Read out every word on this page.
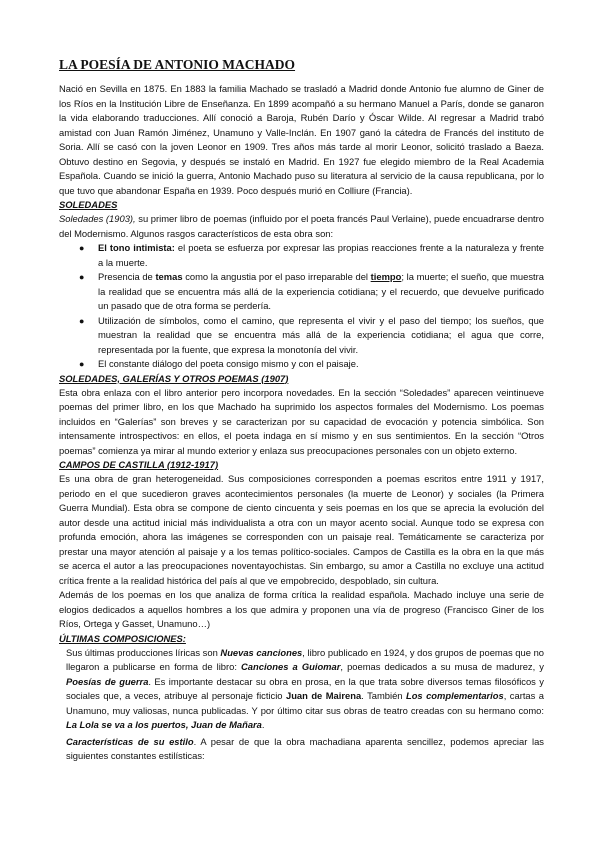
LA POESÍA DE ANTONIO MACHADO

Nació en Sevilla en 1875. En 1883 la familia Machado se trasladó a Madrid donde Antonio fue alumno de Giner de los Ríos en la Institución Libre de Enseñanza. En 1899 acompañó a su hermano Manuel a París, donde se ganaron la vida elaborando traducciones. Allí conoció a Baroja, Rubén Darío y Óscar Wilde. Al regresar a Madrid trabó amistad con Juan Ramón Jiménez, Unamuno y Valle-Inclán. En 1907 ganó la cátedra de Francés del instituto de Soria. Allí se casó con la joven Leonor en 1909. Tres años más tarde al morir Leonor, solicitó traslado a Baeza. Obtuvo destino en Segovia, y después se instaló en Madrid. En 1927 fue elegido miembro de la Real Academia Española. Cuando se inició la guerra, Antonio Machado puso su literatura al servicio de la causa republicana, por lo que tuvo que abandonar España en 1939. Poco después murió en Colliure (Francia).

SOLEDADES

Soledades (1903), su primer libro de poemas (influido por el poeta francés Paul Verlaine), puede encuadrarse dentro del Modernismo. Algunos rasgos característicos de esta obra son:

● El tono intimista: el poeta se esfuerza por expresar las propias reacciones frente a la naturaleza y frente a la muerte.
● Presencia de temas como la angustia por el paso irreparable del tiempo; la muerte; el sueño, que muestra la realidad que se encuentra más allá de la experiencia cotidiana; y el recuerdo, que devuelve purificado un pasado que de otra forma se perdería.
● Utilización de símbolos, como el camino, que representa el vivir y el paso del tiempo; los sueños, que muestran la realidad que se encuentra más allá de la experiencia cotidiana; el agua que corre, representada por la fuente, que expresa la monotonía del vivir.
● El constante diálogo del poeta consigo mismo y con el paisaje.
SOLEDADES, GALERÍAS Y OTROS POEMAS (1907)

Esta obra enlaza con el libro anterior pero incorpora novedades. En la sección “Soledades” aparecen veintinueve poemas del primer libro, en los que Machado ha suprimido los aspectos formales del Modernismo. Los poemas incluidos en “Galerías” son breves y se caracterizan por su capacidad de evocación y potencia simbólica. Son intensamente introspectivos: en ellos, el poeta indaga en sí mismo y en sus sentimientos. En la sección “Otros poemas” comienza ya mirar al mundo exterior y enlaza sus preocupaciones personales con un objeto externo.

CAMPOS DE CASTILLA (1912-1917)

Es una obra de gran heterogeneidad. Sus composiciones corresponden a poemas escritos entre 1911 y 1917, periodo en el que sucedieron graves acontecimientos personales (la muerte de Leonor) y sociales (la Primera Guerra Mundial). Esta obra se compone de ciento cincuenta y seis poemas en los que se aprecia la evolución del autor desde una actitud inicial más individualista a otra con un mayor acento social. Aunque todo se expresa con profunda emoción, ahora las imágenes se corresponden con un paisaje real. Temáticamente se caracteriza por prestar una mayor atención al paisaje y a los temas político-sociales. Campos de Castilla es la obra en la que más se acerca el autor a las preocupaciones noventayochistas. Sin embargo, su amor a Castilla no excluye una actitud crítica frente a la realidad histórica del país al que ve empobrecido, despoblado, sin cultura.

Además de los poemas en los que analiza de forma crítica la realidad española. Machado incluye una serie de elogios dedicados a aquellos hombres a los que admira y proponen una vía de progreso (Francisco Giner de los Ríos, Ortega y Gasset, Unamuno…)

ÚLTIMAS COMPOSICIONES:

Sus últimas producciones líricas son Nuevas canciones, libro publicado en 1924, y dos grupos de poemas que no llegaron a publicarse en forma de libro: Canciones a Guiomar, poemas dedicados a su musa de madurez, y Poesías de guerra. Es importante destacar su obra en prosa, en la que trata sobre diversos temas filosóficos y sociales que, a veces, atribuye al personaje ficticio Juan de Mairena. También Los complementarios, cartas a Unamuno, muy valiosas, nunca publicadas. Y por último citar sus obras de teatro creadas con su hermano como: La Lola se va a los puertos, Juan de Mañara.

Características de su estilo. A pesar de que la obra machadiana aparenta sencillez, podemos apreciar las siguientes constantes estilísticas:
